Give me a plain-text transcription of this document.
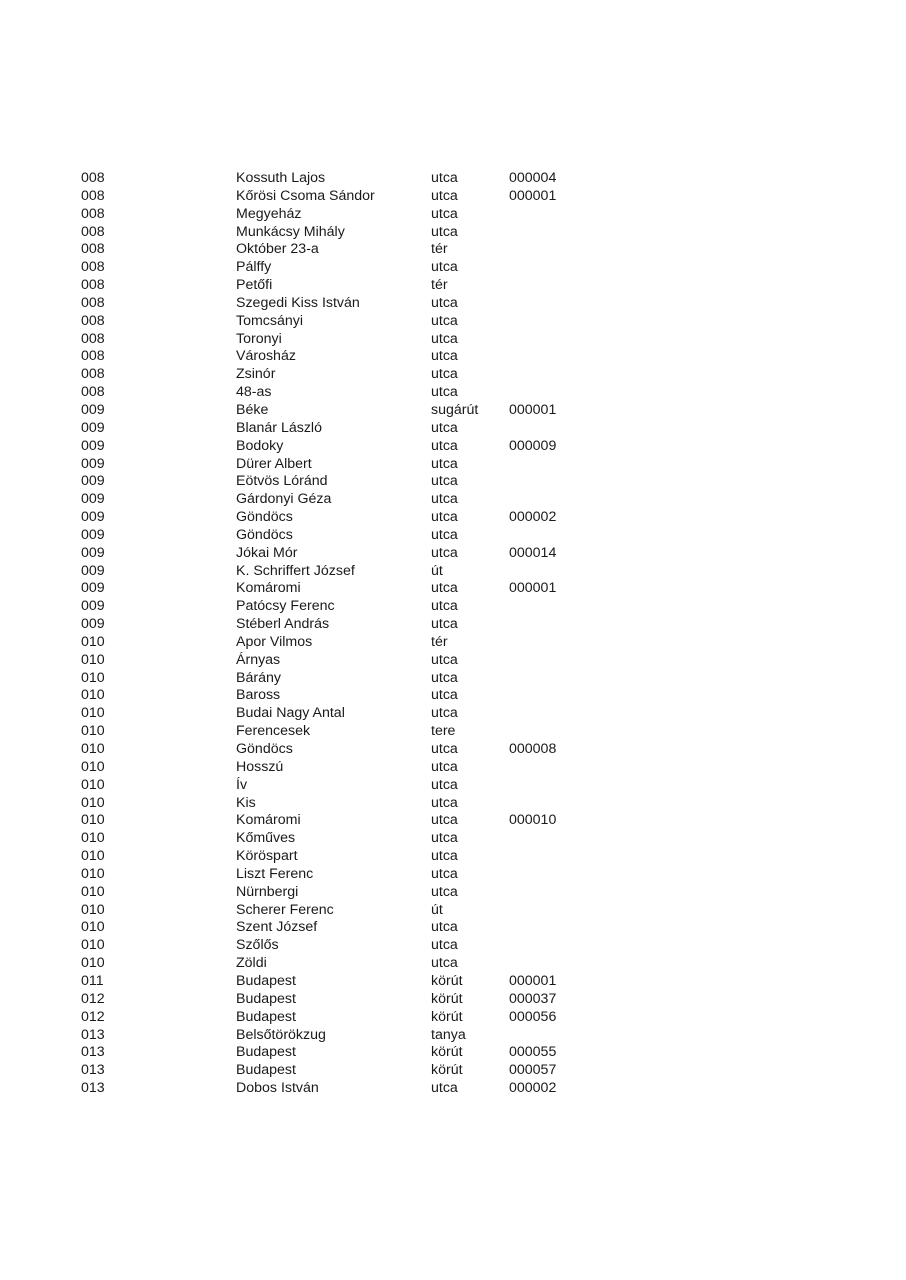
008	Kossuth Lajos	utca	000004
008	Kőrösi Csoma Sándor	utca	000001
008	Megyeház	utca
008	Munkácsy Mihály	utca
008	Október 23-a	tér
008	Pálffy	utca
008	Petőfi	tér
008	Szegedi Kiss István	utca
008	Tomcsányi	utca
008	Toronyi	utca
008	Városház	utca
008	Zsinór	utca
008	48-as	utca
009	Béke	sugárút 000001
009	Blanár László	utca
009	Bodoky	utca	000009
009	Dürer Albert	utca
009	Eötvös Lóránd	utca
009	Gárdonyi Géza	utca
009	Göndöcs	utca	000002
009	Göndöcs	utca
009	Jókai Mór	utca	000014
009	K. Schriffert József	út
009	Komáromi	utca	000001
009	Patócsy Ferenc	utca
009	Stéberl András	utca
010	Apor Vilmos	tér
010	Árnyas	utca
010	Bárány	utca
010	Baross	utca
010	Budai Nagy Antal	utca
010	Ferencesek	tere
010	Göndöcs	utca	000008
010	Hosszú	utca
010	Ív	utca
010	Kis	utca
010	Komáromi	utca	000010
010	Kőműves	utca
010	Köröspart	utca
010	Liszt Ferenc	utca
010	Nürnbergi	utca
010	Scherer Ferenc	út
010	Szent József	utca
010	Szőlős	utca
010	Zöldi	utca
011	Budapest	körút	000001
012	Budapest	körút	000037
012	Budapest	körút	000056
013	Belsőtörökzug	tanya
013	Budapest	körút	000055
013	Budapest	körút	000057
013	Dobos István	utca	000002
